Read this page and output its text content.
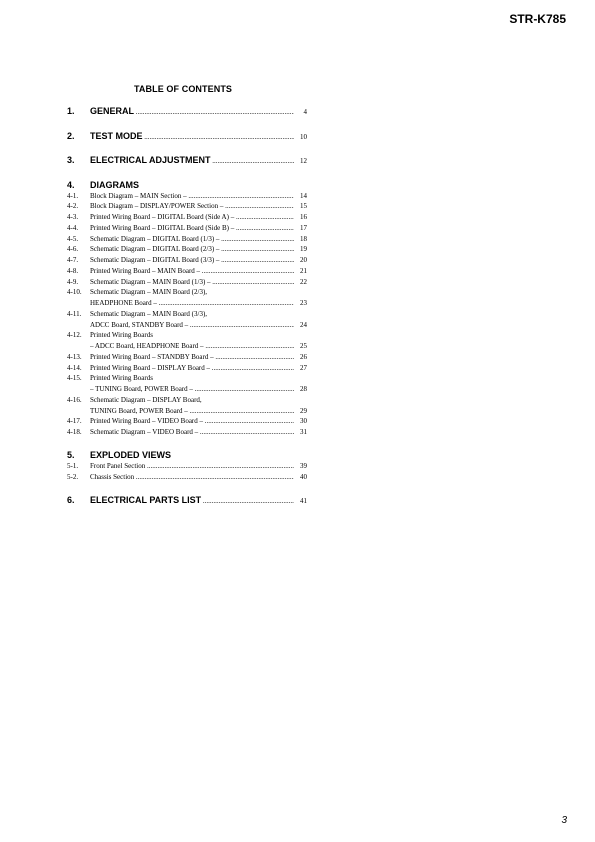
STR-K785
TABLE OF CONTENTS
1. GENERAL .....	4
2. TEST MODE .....	10
3. ELECTRICAL ADJUSTMENT .....	12
4. DIAGRAMS
4-1. Block Diagram – MAIN Section – .....	14
4-2. Block Diagram – DISPLAY/POWER Section – .....	15
4-3. Printed Wiring Board – DIGITAL Board (Side A) – .....	16
4-4. Printed Wiring Board – DIGITAL Board (Side B) – .....	17
4-5. Schematic Diagram – DIGITAL Board (1/3) – .....	18
4-6. Schematic Diagram – DIGITAL Board (2/3) – .....	19
4-7. Schematic Diagram – DIGITAL Board (3/3) – .....	20
4-8. Printed Wiring Board – MAIN Board – .....	21
4-9. Schematic Diagram – MAIN Board (1/3) – .....	22
4-10. Schematic Diagram – MAIN Board (2/3),
HEADPHONE Board – .....	23
4-11. Schematic Diagram – MAIN Board (3/3),
ADCC Board, STANDBY Board – .....	24
4-12. Printed Wiring Boards
– ADCC Board, HEADPHONE Board – .....	25
4-13. Printed Wiring Board – STANDBY Board – .....	26
4-14. Printed Wiring Board – DISPLAY Board – .....	27
4-15. Printed Wiring Boards
– TUNING Board, POWER Board – .....	28
4-16. Schematic Diagram – DISPLAY Board,
TUNING Board, POWER Board – .....	29
4-17. Printed Wiring Board – VIDEO Board – .....	30
4-18. Schematic Diagram – VIDEO Board – .....	31
5. EXPLODED VIEWS
5-1. Front Panel Section .....	39
5-2. Chassis Section .....	40
6. ELECTRICAL PARTS LIST .....	41
3
